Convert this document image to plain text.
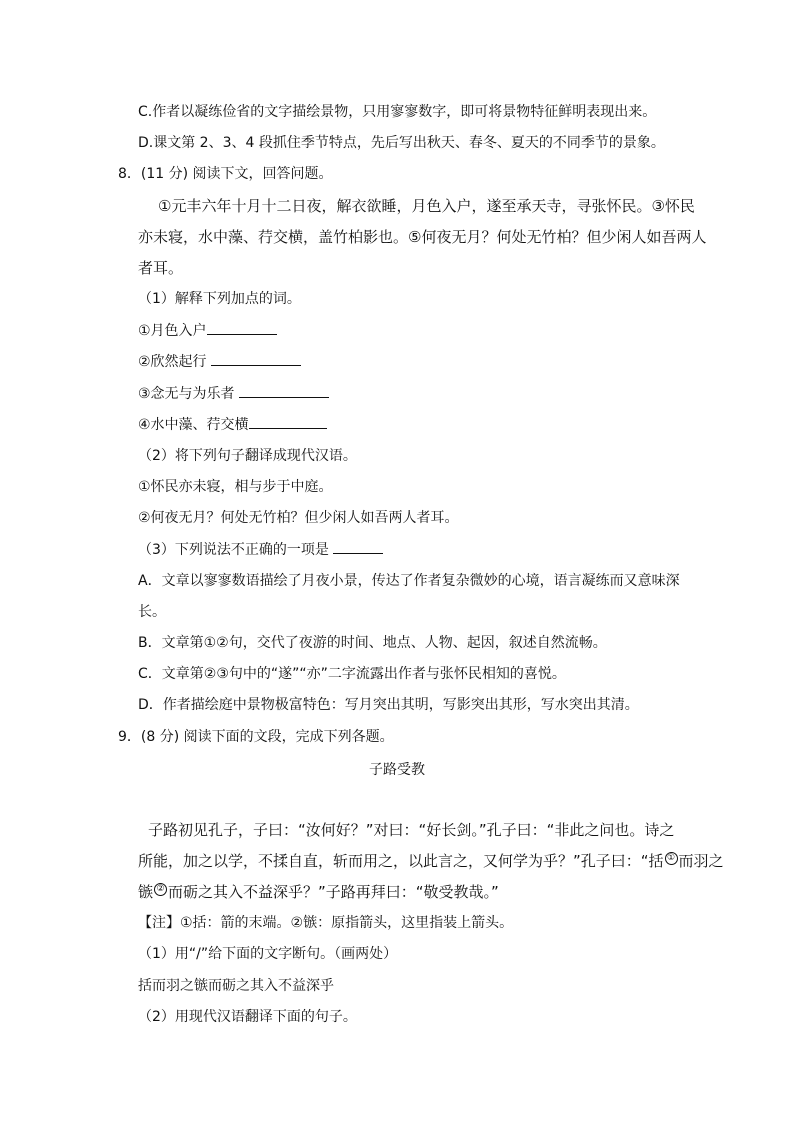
C.作者以凝练俭省的文字描绘景物，只用寥寥数字，即可将景物特征鲜明表现出来。
D.课文第 2、3、4 段抓住季节特点，先后写出秋天、春冬、夏天的不同季节的景象。
8．(11 分) 阅读下文，回答问题。
①元丰六年十月十二日夜，解衣欲睡，月色入户，遂至承天寺，寻张怀民。③怀民
亦未寝，水中藻、荇交横，盖竹柏影也。⑤何夜无月？何处无竹柏？但少闲人如吾两人
者耳。
（1）解释下列加点的词。
①月色入户
②欣然起行
③念无与为乐者
④水中藻、荇交横
（2）将下列句子翻译成现代汉语。
①怀民亦未寝，相与步于中庭。
②何夜无月？何处无竹柏？但少闲人如吾两人者耳。
（3）下列说法不正确的一项是
A．文章以寥寥数语描绘了月夜小景，传达了作者复杂微妙的心境，语言凝练而又意味深
长。
B．文章第①②句，交代了夜游的时间、地点、人物、起因，叙述自然流畅。
C．文章第②③句中的“遂”“亦”二字流露出作者与张怀民相知的喜悦。
D．作者描绘庭中景物极富特色：写月突出其明，写影突出其形，写水突出其清。
9．(8 分) 阅读下面的文段，完成下列各题。
子路受教
子路初见孔子，子曰：“汝何好？”对曰：“好长剑。”孔子曰：“非此之问也。诗之
所能，加之以学，不揉自直，斩而用之，以此言之，又何学为乎？”孔子曰：“括 ① 而羽之
镞 ② 而砺之其入不益深乎？”子路再拜曰：“敬受教哉。”
【注】①括：箭的末端。②镞：原指箭头，这里指装上箭头。
（1）用“/”给下面的文字断句。（画两处）
括而羽之镞而砺之其入不益深乎
（2）用现代汉语翻译下面的句子。
